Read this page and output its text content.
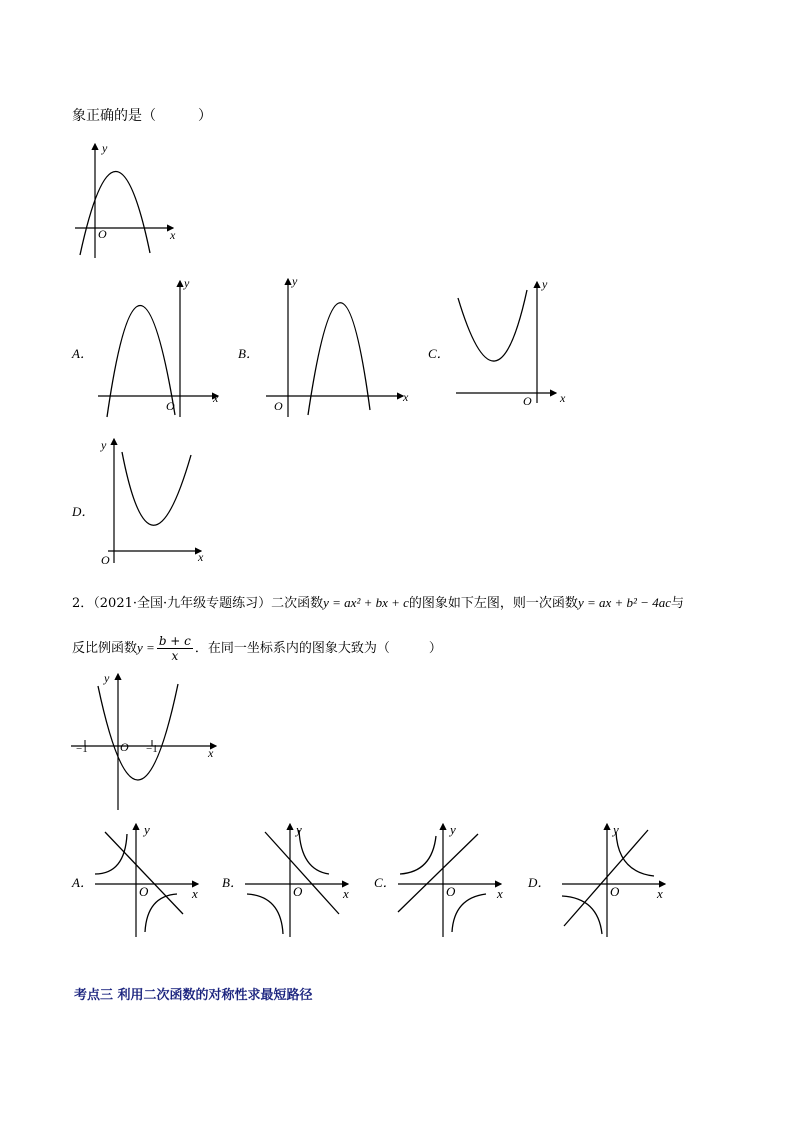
象正确的是（　　　）
y
x
O
A．
y
x
O
B．
y
x
O
C．
y
x
O
D．
y
x
O
2．（2021·全国·九年级专题练习）二次函数y = ax² + bx + c的图象如下左图，则一次函数y = ax + b² − 4ac与
反比例函数$y = \frac{b + c}{x}$ ．在同一坐标系内的图象大致为（　　　）
y
x
O
−1	−1
A．
y
x
O
B．
y
x
O
C．
y
x
O
D．
y
x
O
考点三 利用二次函数的对称性求最短路径
